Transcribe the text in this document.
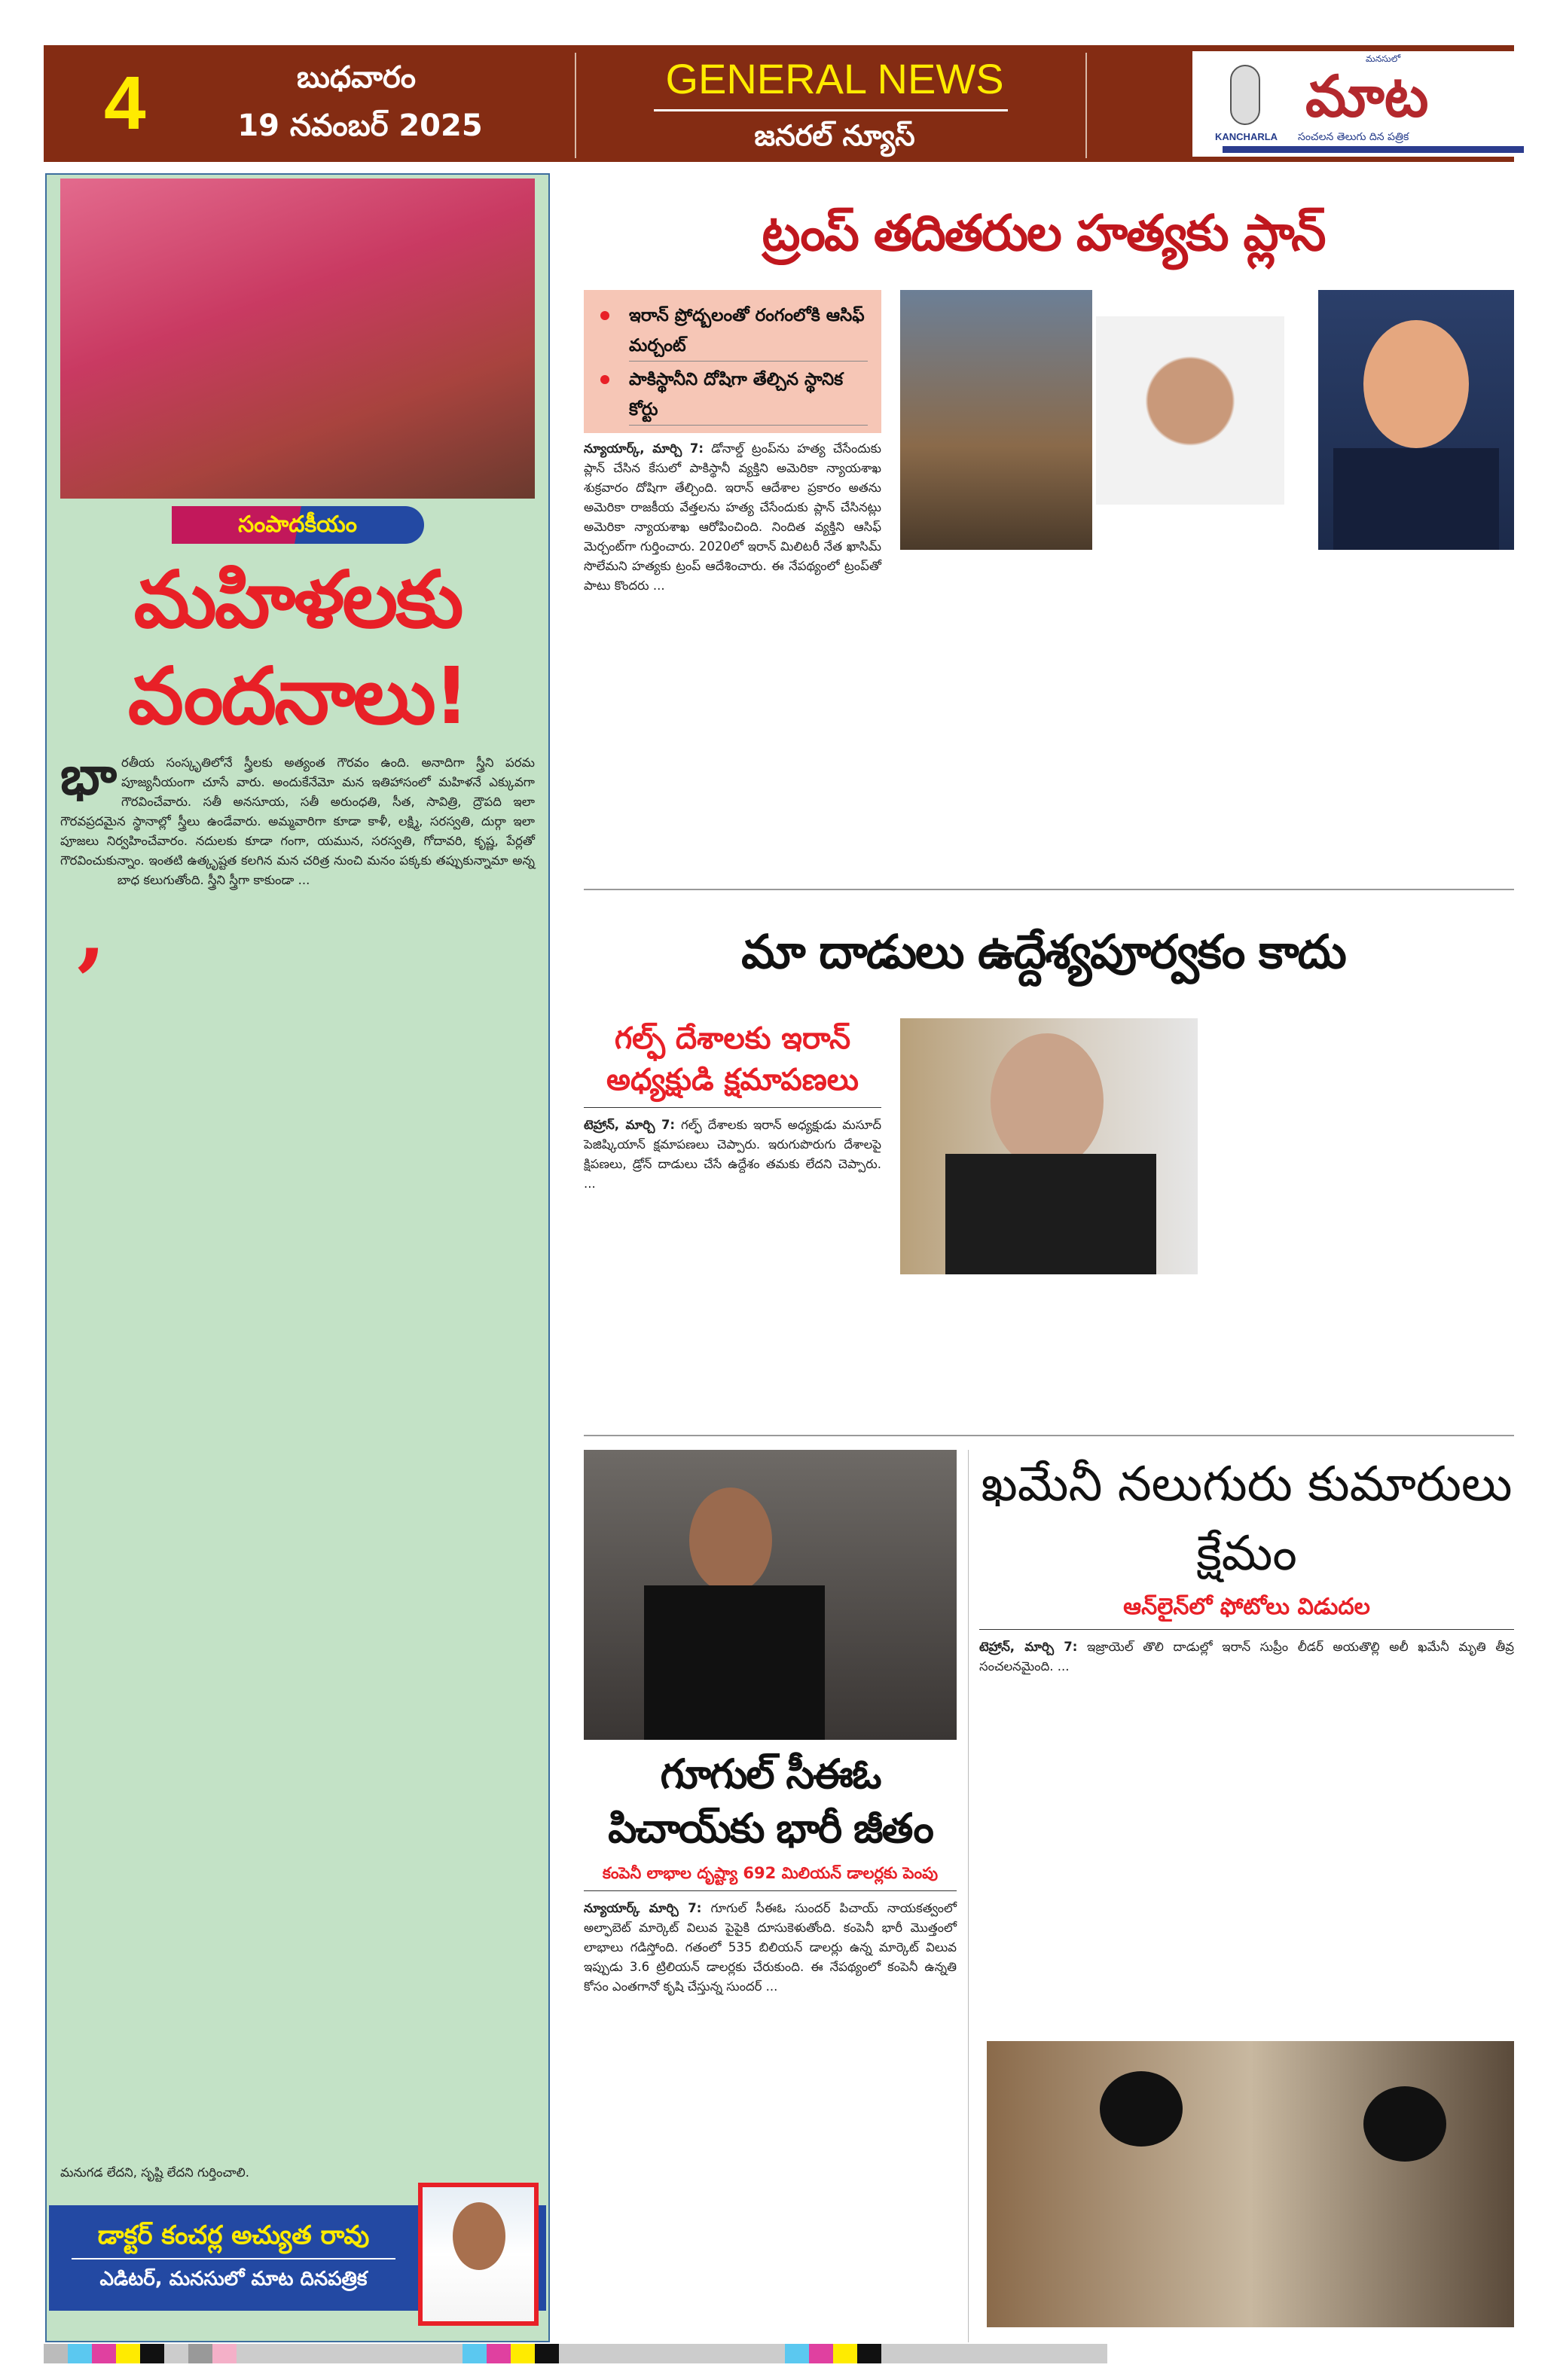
4	బుధవారం
19 నవంబర్ 2025
GENERAL NEWS
జనరల్ న్యూస్
మనసులో
మాట
KANCHARLA సంచలన తెలుగు దిన పత్రిక
సంపాదకీయం
మహిళలకు వందనాలు!
భా రతీయ సంస్కృతిలోనే స్త్రీలకు అత్యంత గౌరవం ఉంది. అనాదిగా స్త్రీని పరమ పూజ్యనీయంగా చూసే వారు. అందుకేనేమో మన ఇతిహాసంలో మహిళనే ఎక్కువగా గౌరవించేవారు. సతీ అనసూయ, సతీ అరుంధతి, సీత, సావిత్రి, ద్రౌపది ఇలా గౌరవప్రదమైన స్థానాల్లో స్త్రీలు ఉండేవారు. అమ్మవారిగా కూడా కాళీ, లక్ష్మి, సరస్వతి, దుర్గా ఇలా పూజలు నిర్వహించేవారం. నదులకు కూడా గంగా, యమున, సరస్వతి, గోదావరి, కృష్ణ, పేర్లతో గౌరవించుకున్నాం. ఇంతటి ఉత్కృష్టత కలగిన మన చరిత్ర నుంచి మనం పక్కకు తప్పుకున్నామా అన్న బాధ కలుగుతోంది. స్త్రీని స్త్రీగా కాకుండా ...
‚
మనుగడ లేదని, సృష్టి లేదని గుర్తించాలి.
డాక్టర్ కంచర్ల అచ్యుత రావు
ఎడిటర్, మనసులో మాట దినపత్రిక
ట్రంప్ తదితరుల హత్యకు ప్లాన్
ఇరాన్ ప్రోద్బలంతో రంగంలోకి ఆసిఫ్ మర్చంట్
పాకిస్థానీని దోషిగా తేల్చిన స్థానిక కోర్టు
న్యూయార్క్, మార్చి 7: డోనాల్డ్ ట్రంప్‌ను హత్య చేసేందుకు ప్లాన్ చేసిన కేసులో పాకిస్థానీ వ్యక్తిని అమెరికా న్యాయశాఖ శుక్రవారం దోషిగా తేల్చింది. ఇరాన్ ఆదేశాల ప్రకారం అతను అమెరికా రాజకీయ వేత్తలను హత్య చేసేందుకు ప్లాన్ చేసినట్లు అమెరికా న్యాయశాఖ ఆరోపించింది. నిందిత వ్యక్తిని ఆసిఫ్ మెర్చంట్‌గా గుర్తించారు. 2020లో ఇరాన్ మిలిటరీ నేత ఖాసిమ్ సొలేమని హత్యకు ట్రంప్ ఆదేశించారు. ఈ నేపథ్యంలో ట్రంప్‌తో పాటు కొందరు ...
మా దాడులు ఉద్దేశ్యపూర్వకం కాదు
గల్ఫ్ దేశాలకు ఇరాన్ అధ్యక్షుడి క్షమాపణలు
టెహ్రాన్, మార్చి 7: గల్ఫ్ దేశాలకు ఇరాన్ అధ్యక్షుడు మసూద్ పెజిష్కియాన్ క్షమాపణలు చెప్పారు. ఇరుగుపొరుగు దేశాలపై క్షిపణలు, డ్రోన్ దాడులు చేసే ఉద్దేశం తమకు లేదని చెప్పారు. ...
గూగుల్ సీఈఓ పిచాయ్‌కు భారీ జీతం
కంపెనీ లాభాల దృష్ట్యా 692 మిలియన్ డాలర్లకు పెంపు
న్యూయార్క్ మార్చి 7: గూగుల్ సీఈఓ సుందర్ పిచాయ్ నాయకత్వంలో అల్ఫాబెట్ మార్కెట్ విలువ పైపైకి దూసుకెళుతోంది. కంపెనీ భారీ మొత్తంలో లాభాలు గడిస్తోంది. గతంలో 535 బిలియన్ డాలర్లు ఉన్న మార్కెట్ విలువ ఇప్పుడు 3.6 ట్రిలియన్ డాలర్లకు చేరుకుంది. ఈ నేపథ్యంలో కంపెనీ ఉన్నతి కోసం ఎంతగానో కృషి చేస్తున్న సుందర్ ...
ఖమేనీ నలుగురు కుమారులు క్షేమం
ఆన్‌లైన్‌లో ఫోటోలు విడుదల
టెహ్రాన్, మార్చి 7: ఇజ్రాయెల్ తొలి దాడుల్లో ఇరాన్ సుప్రీం లీడర్ అయతొల్లి అలీ ఖమేనీ మృతి తీవ్ర సంచలనమైంది. ...
